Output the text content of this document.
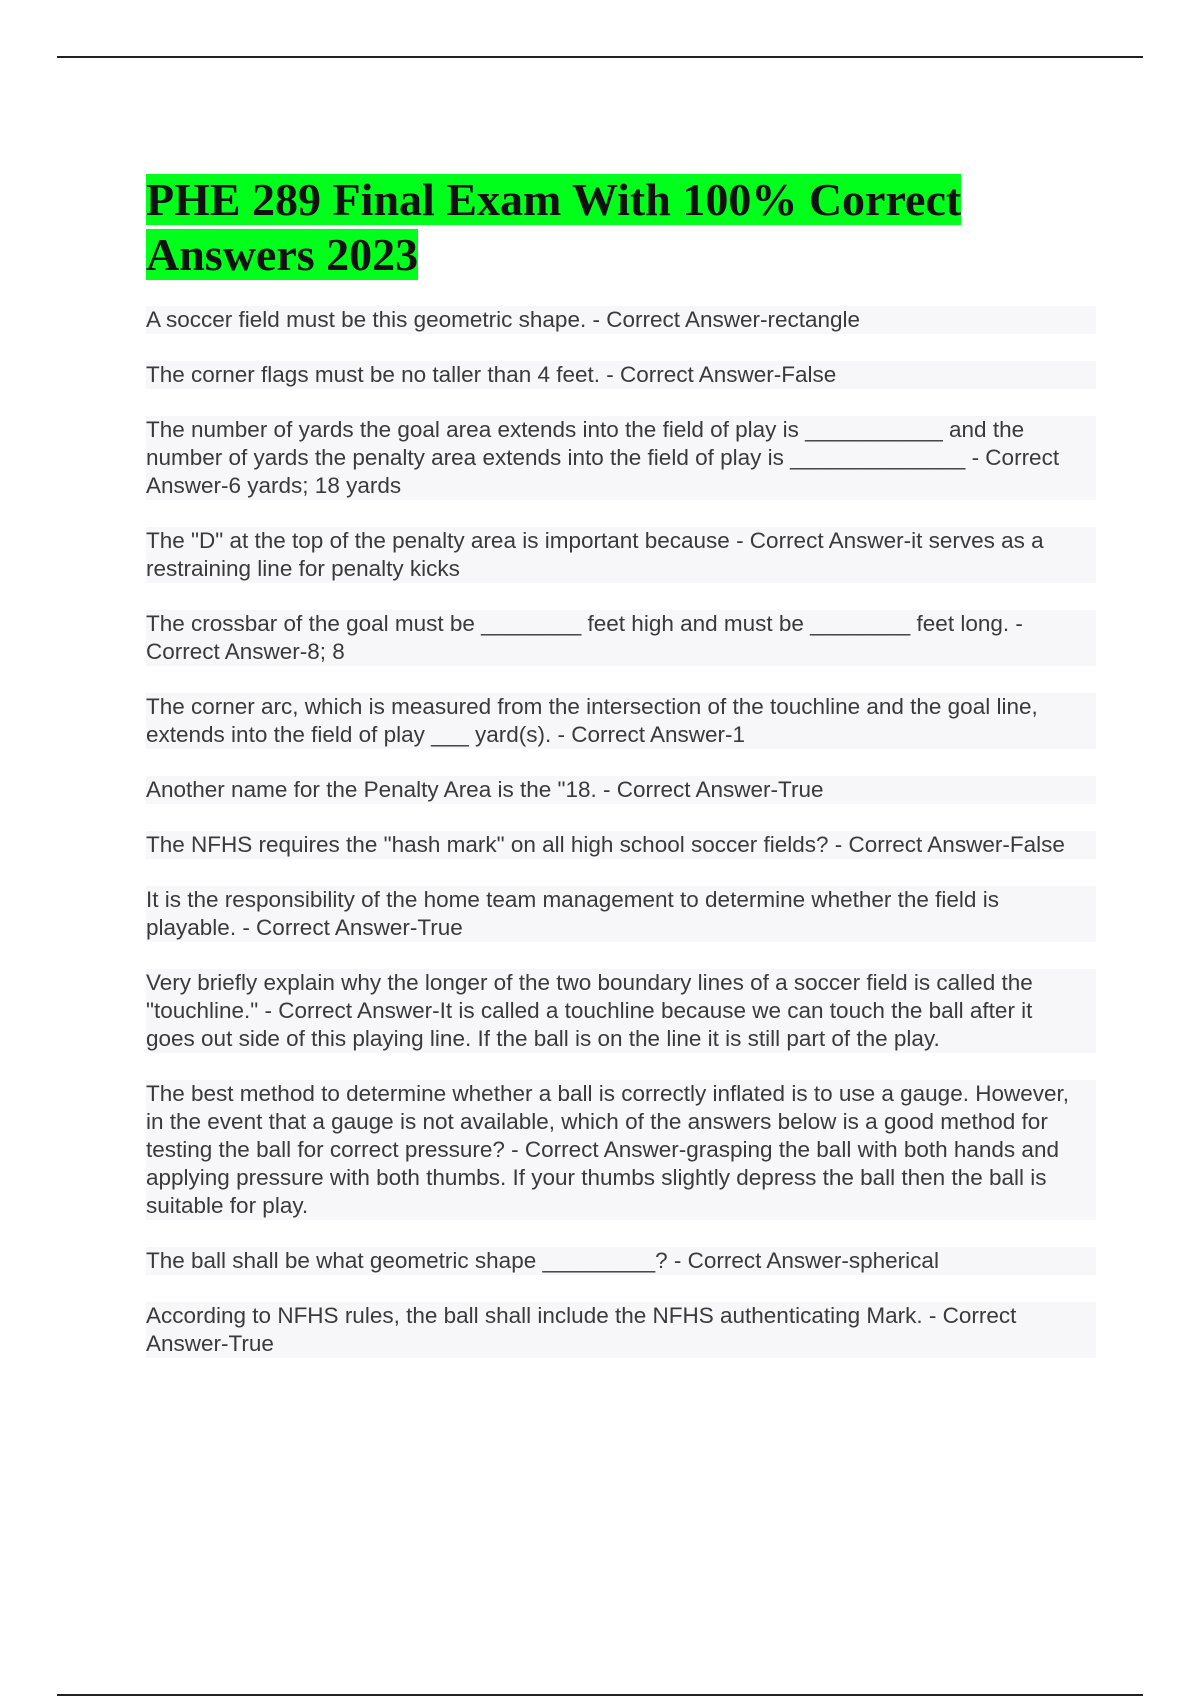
PHE 289 Final Exam With 100% Correct Answers 2023
A soccer field must be this geometric shape. - Correct Answer-rectangle
The corner flags must be no taller than 4 feet. - Correct Answer-False
The number of yards the goal area extends into the field of play is ___________ and the number of yards the penalty area extends into the field of play is ______________ - Correct Answer-6 yards; 18 yards
The "D" at the top of the penalty area is important because - Correct Answer-it serves as a restraining line for penalty kicks
The crossbar of the goal must be ________ feet high and must be ________ feet long. - Correct Answer-8; 8
The corner arc, which is measured from the intersection of the touchline and the goal line, extends into the field of play ___ yard(s). - Correct Answer-1
Another name for the Penalty Area is the "18. - Correct Answer-True
The NFHS requires the "hash mark" on all high school soccer fields? - Correct Answer-False
It is the responsibility of the home team management to determine whether the field is playable. - Correct Answer-True
Very briefly explain why the longer of the two boundary lines of a soccer field is called the "touchline." - Correct Answer-It is called a touchline because we can touch the ball after it goes out side of this playing line. If the ball is on the line it is still part of the play.
The best method to determine whether a ball is correctly inflated is to use a gauge. However, in the event that a gauge is not available, which of the answers below is a good method for testing the ball for correct pressure? - Correct Answer-grasping the ball with both hands and applying pressure with both thumbs. If your thumbs slightly depress the ball then the ball is suitable for play.
The ball shall be what geometric shape _________? - Correct Answer-spherical
According to NFHS rules, the ball shall include the NFHS authenticating Mark. - Correct Answer-True
